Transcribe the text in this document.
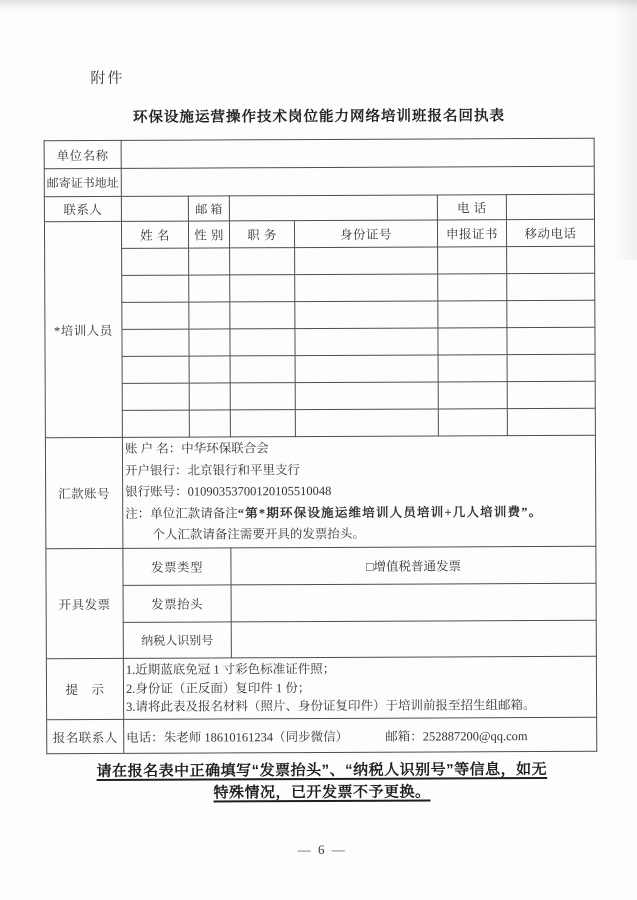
附件
环保设施运营操作技术岗位能力网络培训班报名回执表
单位名称						
邮寄证书地址						
联系人		邮 箱			电 话	
*培训人员	姓 名	性 别	职 务	身份证号	申报证书	移动电话

汇款账号	账 户 名：中华环保联合会
开户银行：北京银行和平里支行
银行账号：01090353700120105510048
注：单位汇款请备注“第*期环保设施运维培训人员培训+几人培训费”。
个人汇款请备注需要开具的发票抬头。					

开具发票	发票类型		□增值税普通发票			
	发票抬头					
	纳税人识别号					
提　示	1.近期蓝底免冠 1 寸彩色标准证件照；
2.身份证（正反面）复印件 1 份；
3.请将此表及报名材料（照片、身份证复印件）于培训前报至招生组邮箱。					

报名联系人	电话：朱老师 18610161234（同步微信） 邮箱：252887200@qq.com					
请在报名表中正确填写“发票抬头”、“纳税人识别号”等信息，如无
特殊情况，已开发票不予更换。
— 6 —
